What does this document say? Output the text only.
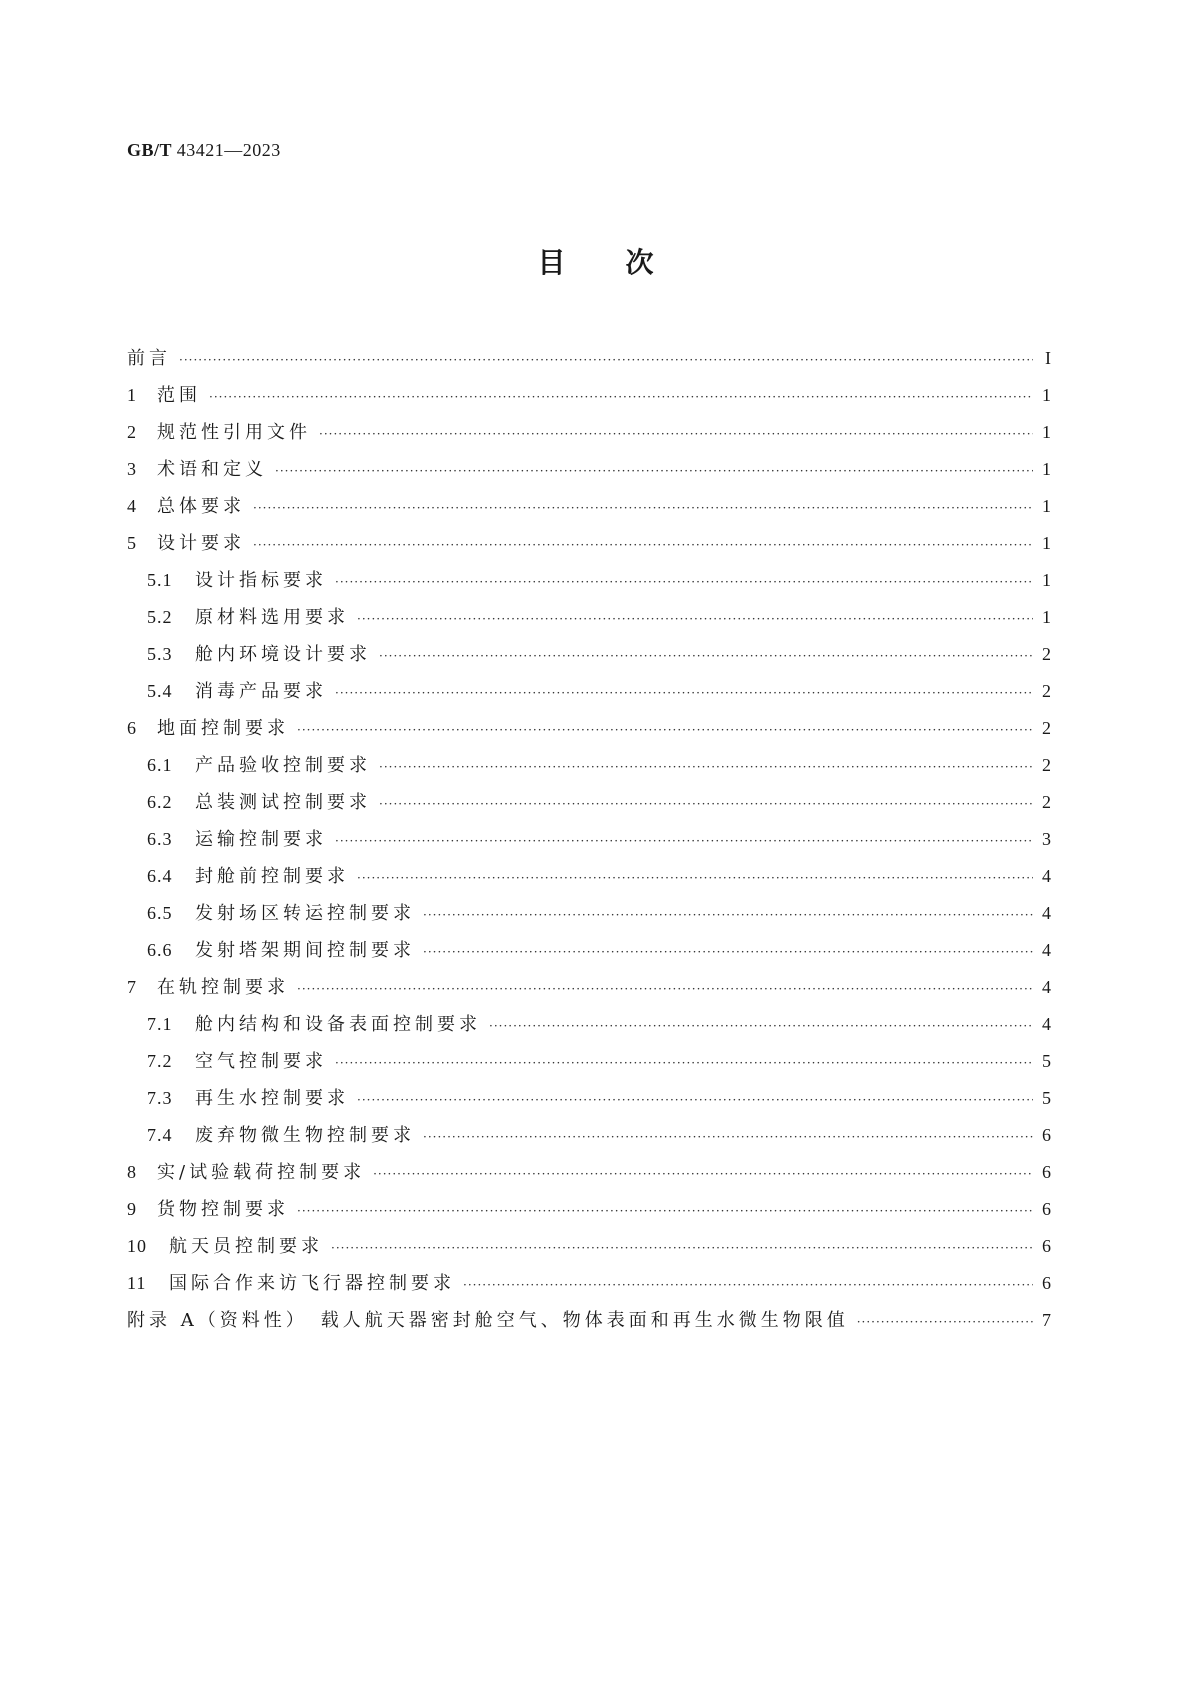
GB/T 43421—2023
目次
前言 ·····	I
1	范围 ·····	1
2	规范性引用文件 ·····	1
3	术语和定义 ·····	1
4	总体要求 ·····	1
5	设计要求 ·····	1
5.1	设计指标要求 ·····	1
5.2	原材料选用要求 ·····	1
5.3	舱内环境设计要求 ·····	2
5.4	消毒产品要求 ·····	2
6	地面控制要求 ·····	2
6.1	产品验收控制要求 ·····	2
6.2	总装测试控制要求 ·····	2
6.3	运输控制要求 ·····	3
6.4	封舱前控制要求 ·····	4
6.5	发射场区转运控制要求 ·····	4
6.6	发射塔架期间控制要求 ·····	4
7	在轨控制要求 ·····	4
7.1	舱内结构和设备表面控制要求 ·····	4
7.2	空气控制要求 ·····	5
7.3	再生水控制要求 ·····	5
7.4	废弃物微生物控制要求 ·····	6
8	实/试验载荷控制要求 ·····	6
9	货物控制要求 ·····	6
10	航天员控制要求 ·····	6
11	国际合作来访飞行器控制要求 ·····	6
附录 A（资料性）　载人航天器密封舱空气、物体表面和再生水微生物限值 ·····	7
